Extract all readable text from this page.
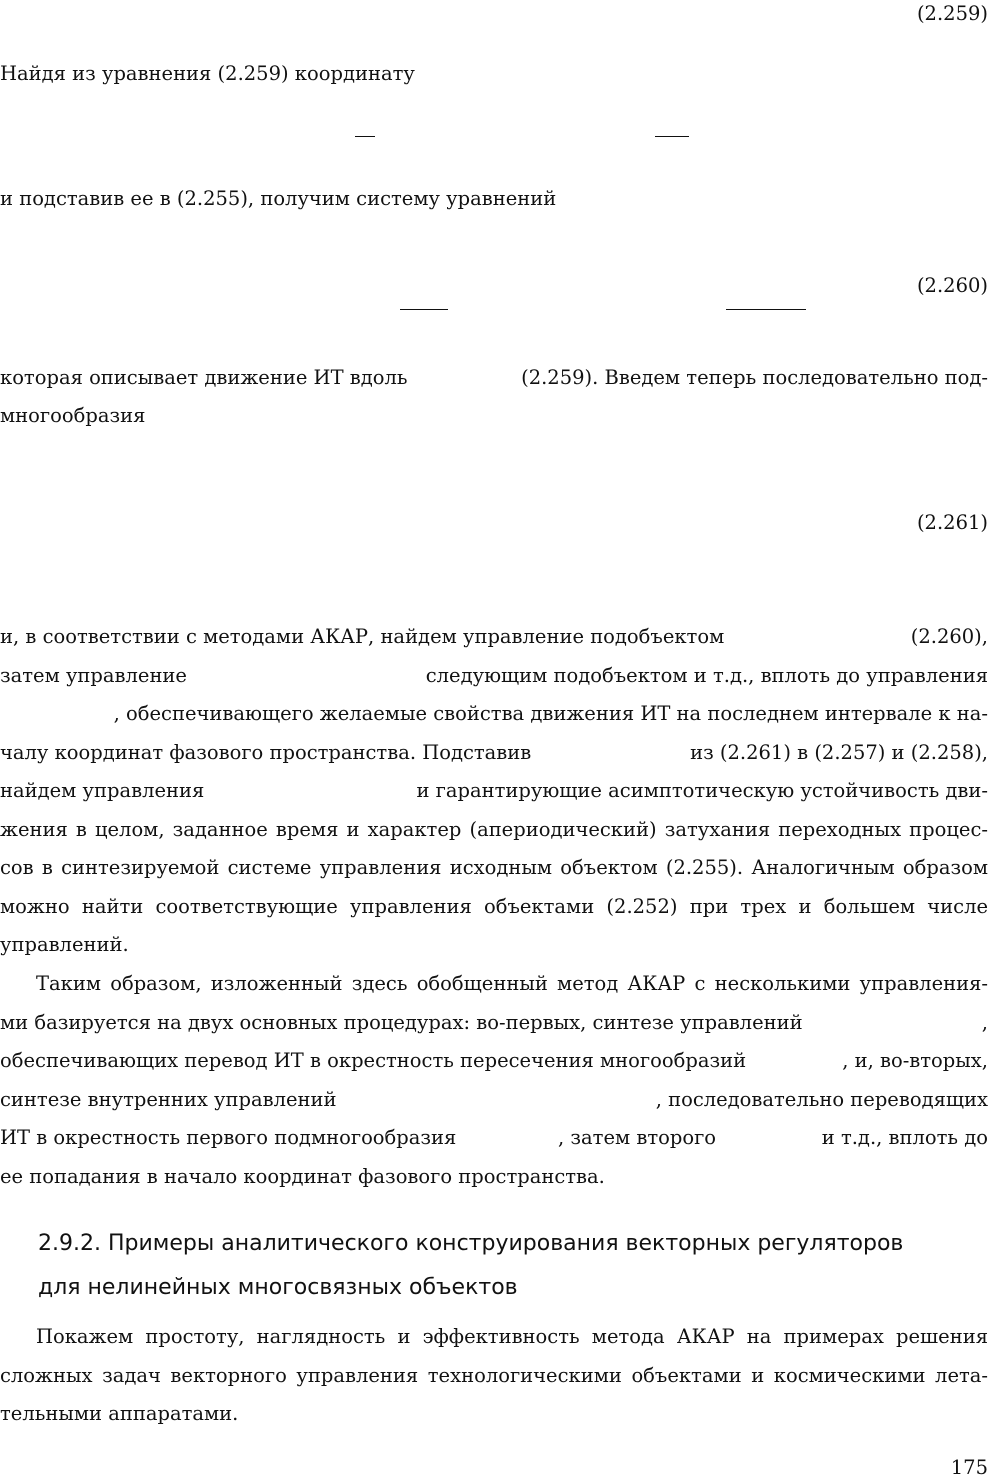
(2.259)
(2.260)
(2.261)
Найдя из уравнения (2.259) координату
и подставив ее в (2.255), получим систему уравнений
которая описывает движение ИТ вдоль	(2.259). Введем теперь последовательно под-
многообразия
и, в соответствии с методами АКАР, найдем управление подобъектом	(2.260),
затем управление	следующим подобъектом и т.д., вплоть до управления
, обеспечивающего желаемые свойства движения ИТ на последнем интервале к на-
чалу координат фазового пространства. Подставив	из (2.261) в (2.257) и (2.258),
найдем управления	и гарантирующие асимптотическую устойчивость дви-
жения в целом, заданное время и характер (апериодический) затухания переходных процес-
сов в синтезируемой системе управления исходным объектом (2.255). Аналогичным образом
можно найти соответствующие управления объектами (2.252) при трех и большем числе
управлений.
Таким образом, изложенный здесь обобщенный метод АКАР с несколькими управления-
ми базируется на двух основных процедурах: во-первых, синтезе управлений	,
обеспечивающих перевод ИТ в окрестность пересечения многообразий	, и, во-вторых,
синтезе внутренних управлений	, последовательно переводящих
ИТ в окрестность первого подмногообразия	, затем второго	и т.д., вплоть до
ее попадания в начало координат фазового пространства.
2.9.2. Примеры аналитического конструирования векторных регуляторов
для нелинейных многосвязных объектов
Покажем простоту, наглядность и эффективность метода АКАР на примерах решения
сложных задач векторного управления технологическими объектами и космическими лета-
тельными аппаратами.
175
